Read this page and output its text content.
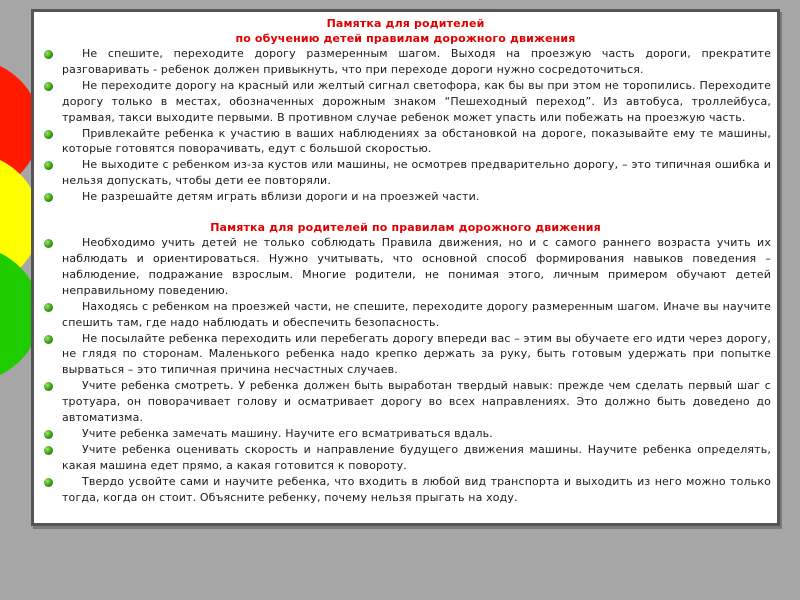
Памятка для родителей
по обучению детей правилам дорожного движения
Не спешите, переходите дорогу размеренным шагом. Выходя на проезжую часть дороги, прекратите разговаривать - ребенок должен привыкнуть, что при переходе дороги нужно сосредоточиться.
Не переходите дорогу на красный или желтый сигнал светофора, как бы вы при этом не торопились. Переходите дорогу только в местах, обозначенных дорожным знаком “Пешеходный переход”. Из автобуса, троллейбуса, трамвая, такси выходите первыми. В противном случае ребенок может упасть или побежать на проезжую часть.
Привлекайте ребенка к участию в ваших наблюдениях за обстановкой на дороге, показывайте ему те машины, которые готовятся поворачивать, едут с большой скоростью.
Не выходите с ребенком из-за кустов или машины, не осмотрев предварительно дорогу, – это типичная ошибка и нельзя допускать, чтобы дети ее повторяли.
Не разрешайте детям играть вблизи дороги и на проезжей части.
Памятка для родителей по правилам дорожного движения
Необходимо учить детей не только соблюдать Правила движения, но и с самого раннего возраста учить их наблюдать и ориентироваться. Нужно учитывать, что основной способ формирования навыков поведения – наблюдение, подражание взрослым. Многие родители, не понимая этого, личным примером обучают детей неправильному поведению.
Находясь с ребенком на проезжей части, не спешите, переходите дорогу размеренным шагом. Иначе вы научите спешить там, где надо наблюдать и обеспечить безопасность.
Не посылайте ребенка переходить или перебегать дорогу впереди вас – этим вы обучаете его идти через дорогу, не глядя по сторонам. Маленького ребенка надо крепко держать за руку, быть готовым удержать при попытке вырваться – это типичная причина несчастных случаев.
Учите ребенка смотреть. У ребенка должен быть выработан твердый навык: прежде чем сделать первый шаг с тротуара, он поворачивает голову и осматривает дорогу во всех направлениях. Это должно быть доведено до автоматизма.
Учите ребенка замечать машину. Научите его всматриваться вдаль.
Учите ребенка оценивать скорость и направление будущего движения машины. Научите ребенка определять, какая машина едет прямо, а какая готовится к повороту.
Твердо усвойте сами и научите ребенка, что входить в любой вид транспорта и выходить из него можно только тогда, когда он стоит. Объясните ребенку, почему нельзя прыгать на ходу.
